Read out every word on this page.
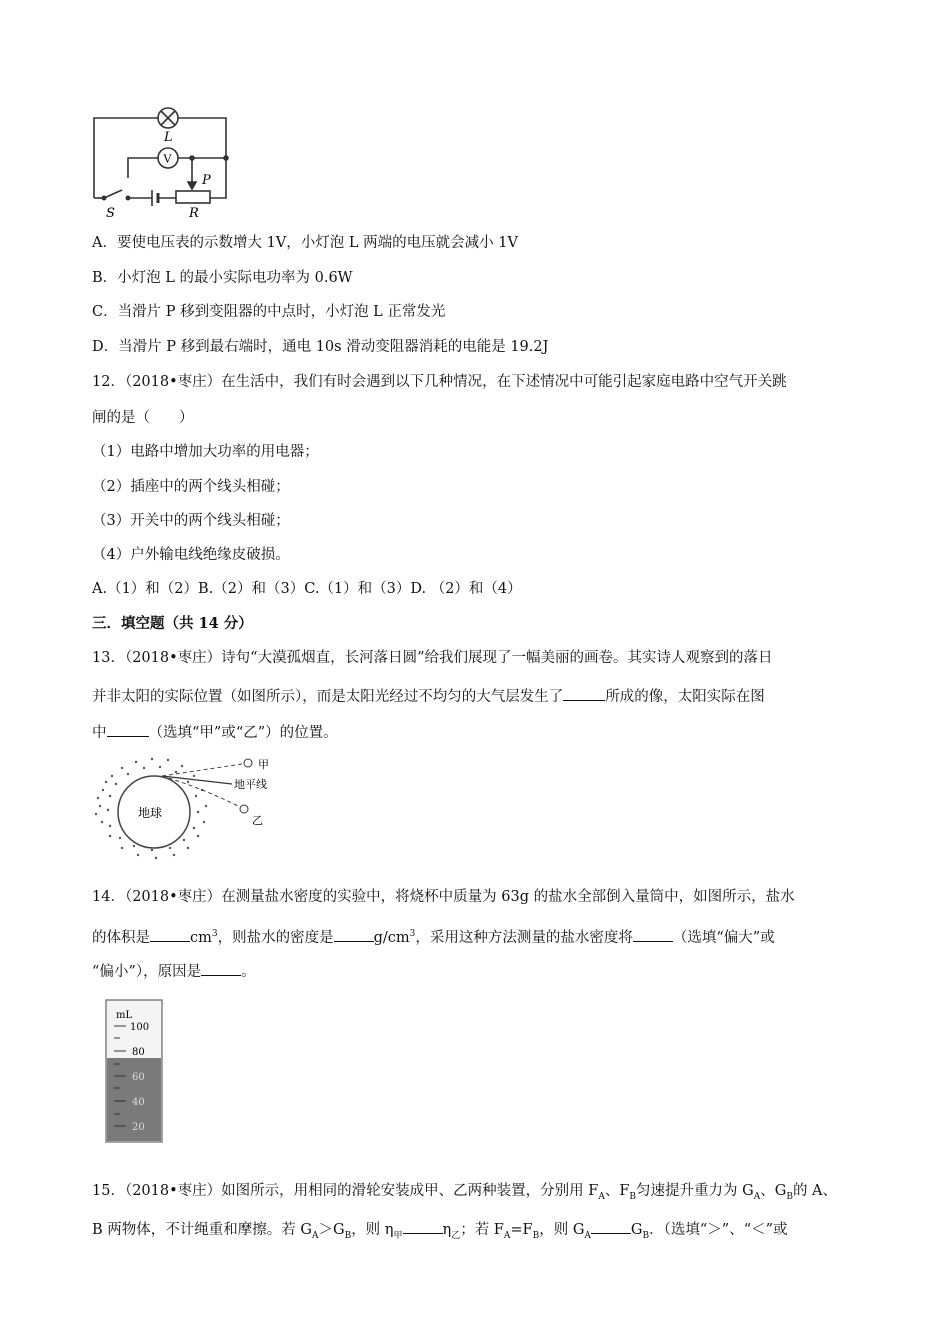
L
V
S
P
R
A．要使电压表的示数增大 1V，小灯泡 L 两端的电压就会减小 1V
B．小灯泡 L 的最小实际电功率为 0.6W
C．当滑片 P 移到变阻器的中点时，小灯泡 L 正常发光
D．当滑片 P 移到最右端时，通电 10s 滑动变阻器消耗的电能是 19.2J
12．（2018•枣庄）在生活中，我们有时会遇到以下几种情况，在下述情况中可能引起家庭电路中空气开关跳
闸的是（　　）
（1）电路中增加大功率的用电器；
（2）插座中的两个线头相碰；
（3）开关中的两个线头相碰；
（4）户外输电线绝缘皮破损。
A.（1）和（2）B.（2）和（3）C.（1）和（3）D. （2）和（4）
三．填空题（共 14 分）
13．（2018•枣庄）诗句“大漠孤烟直，长河落日圆”给我们展现了一幅美丽的画卷。其实诗人观察到的落日
并非太阳的实际位置（如图所示），而是太阳光经过不均匀的大气层发生了	所成的像，太阳实际在图
中	（选填“甲”或“乙”）的位置。
地球
甲
地平线
乙
14．（2018•枣庄）在测量盐水密度的实验中，将烧杯中质量为 63g 的盐水全部倒入量筒中，如图所示，盐水
的体积是	$cm^3$，则盐水的密度是	$g/cm^3$，采用这种方法测量的盐水密度将	（选填“偏大”或
“偏小”），原因是	。
mL
100
80
60
40
20
15．（2018•枣庄）如图所示，用相同的滑轮安装成甲、乙两种装置，分别用 $F_A$、$F_B$匀速提升重力为 $G_A$、$G_B$的 A、
B 两物体，不计绳重和摩擦。若 $G_A>G_B$，则 $\eta_甲$	$\eta_乙$；若 $F_A=F_B$，则 $G_A$	$G_B$．（选填“＞”、“＜”或
